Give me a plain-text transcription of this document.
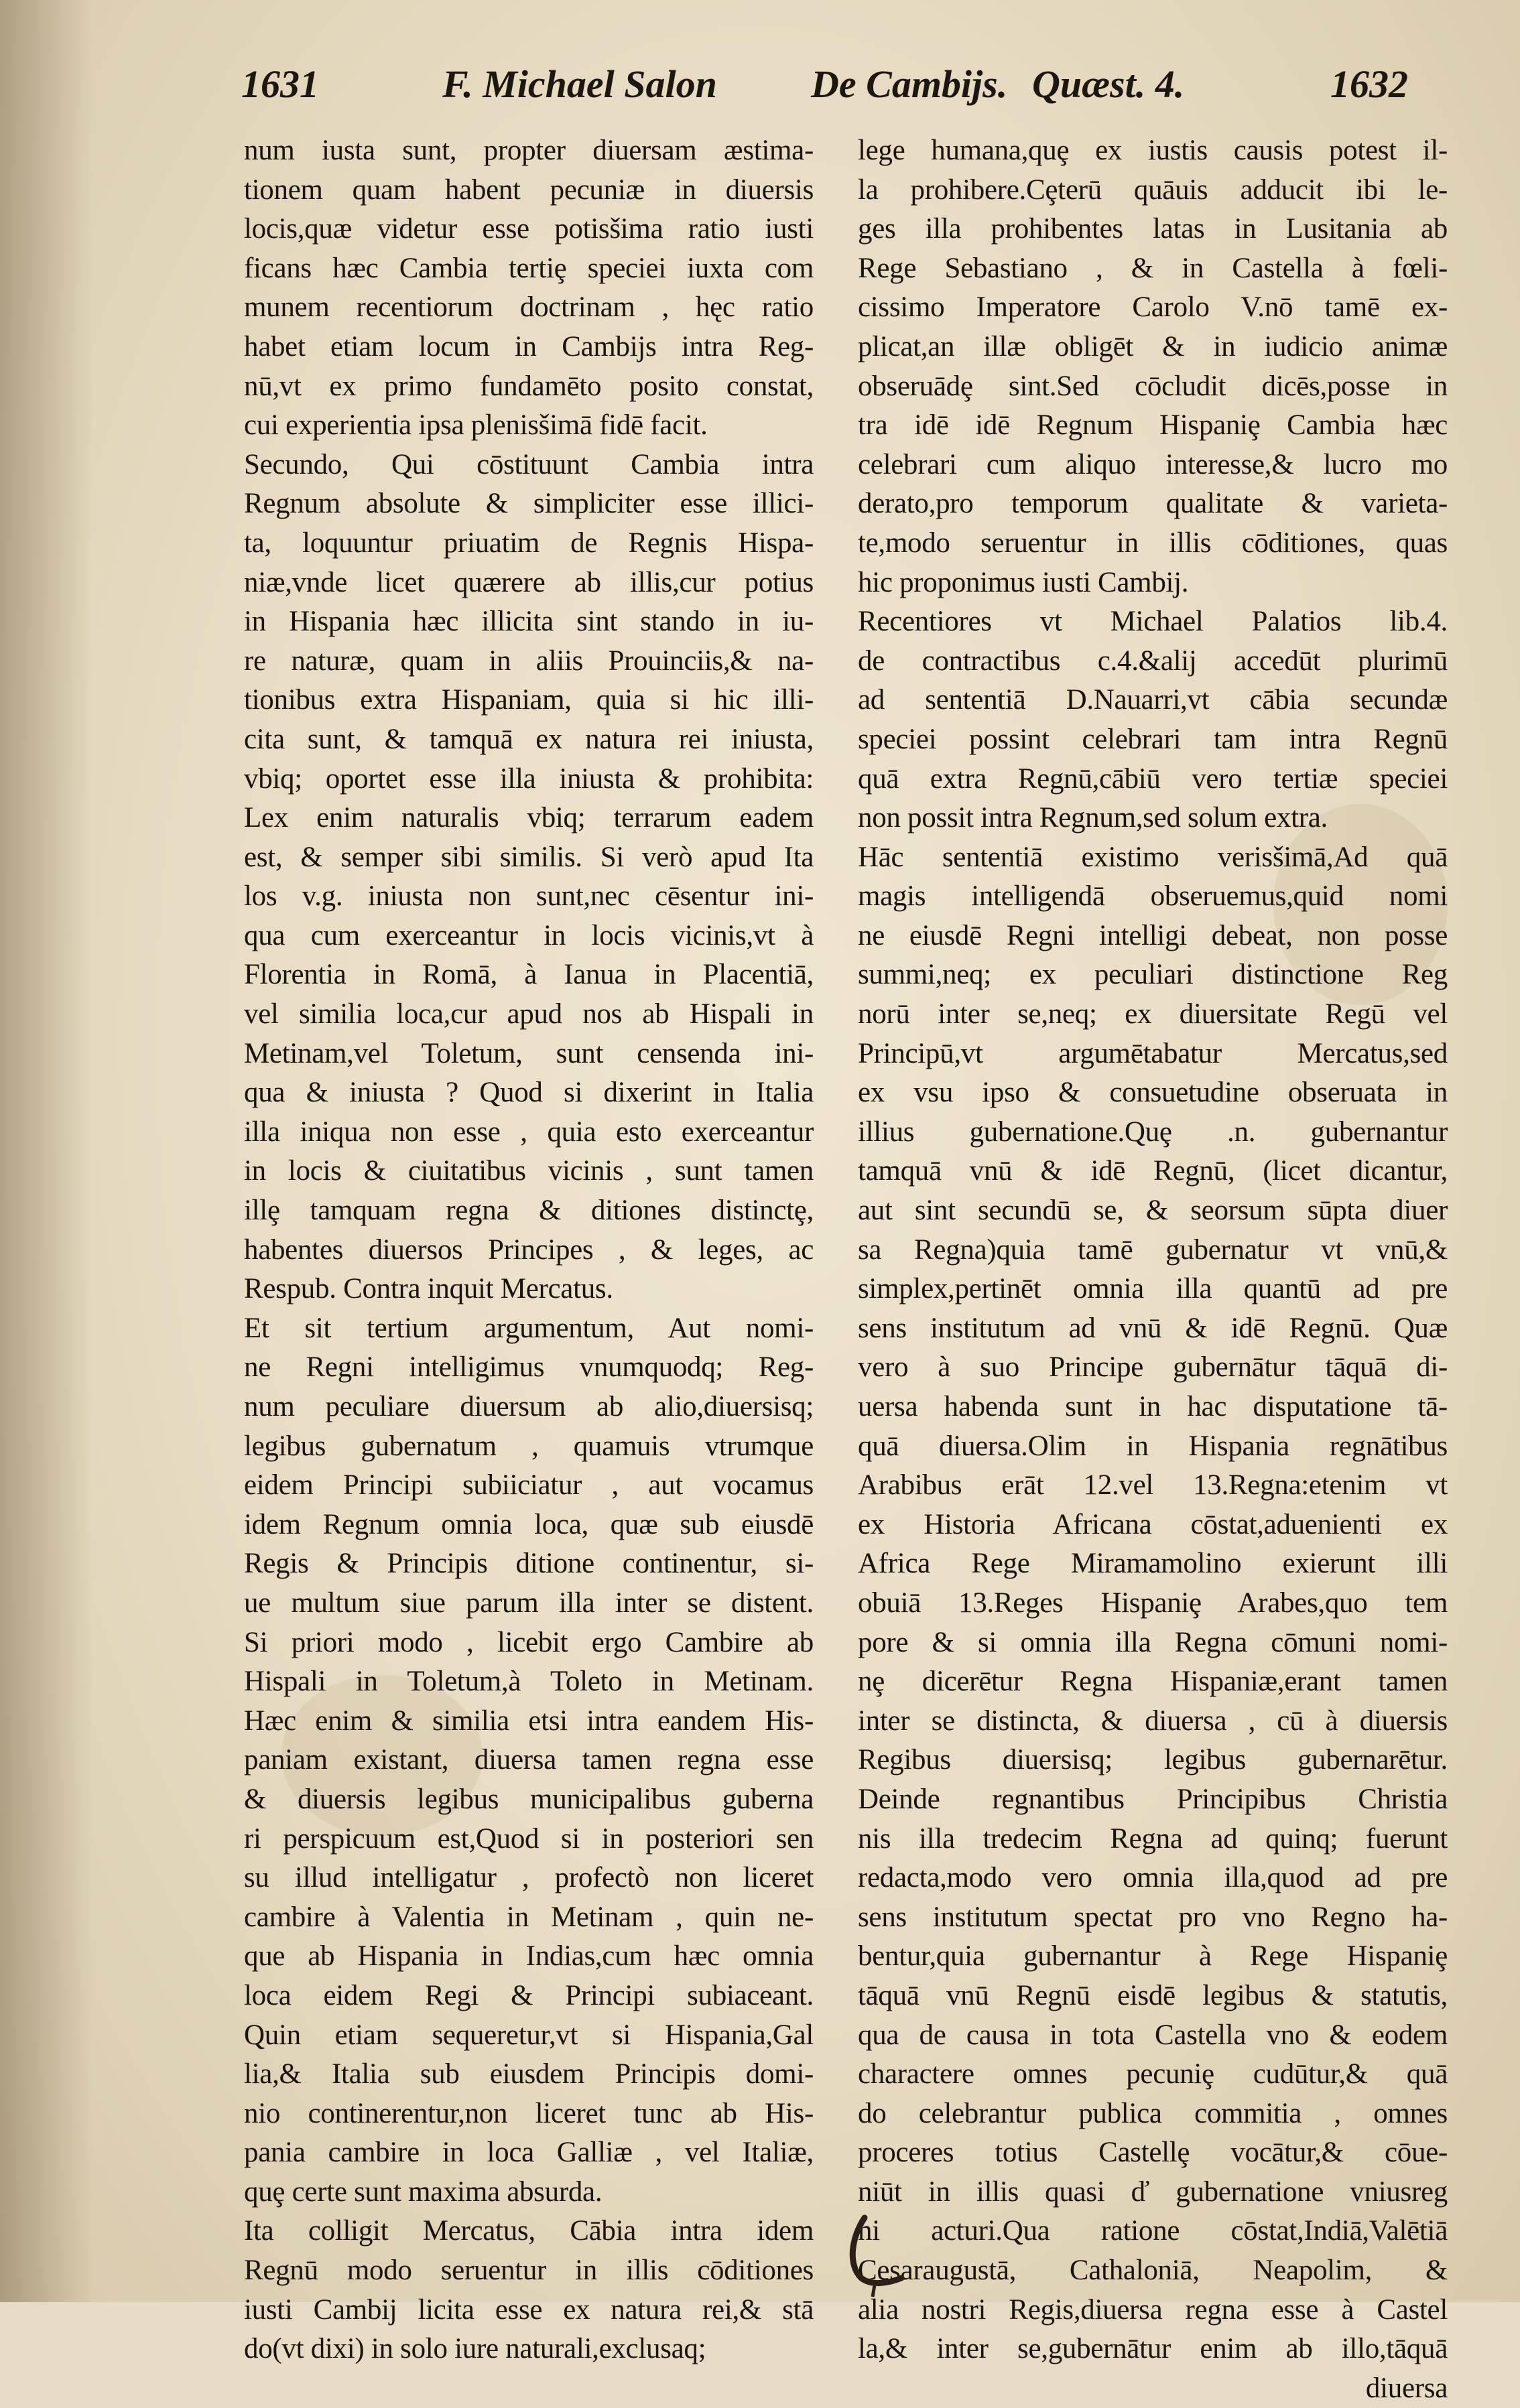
1631	F. Michael Salon De Cambijs. Quæst. 4.	1632
num iusta sunt, propter diuersam æstima-
tionem quam habent pecuniæ in diuersis
locis,quæ videtur esse potisšima ratio iusti
ficans hæc Cambia tertiȩ speciei iuxta com
munem recentiorum doctrinam , hęc ratio
habet etiam locum in Cambijs intra Reg-
nū,vt ex primo fundamēto posito constat,
cui experientia ipsa plenisšimā fidē facit.
Secundo, Qui cōstituunt Cambia intra
Regnum absolute & simpliciter esse illici-
ta, loquuntur priuatim de Regnis Hispa-
niæ,vnde licet quærere ab illis,cur potius
in Hispania hæc illicita sint stando in iu-
re naturæ, quam in aliis Prouinciis,& na-
tionibus extra Hispaniam, quia si hic illi-
cita sunt, & tamquā ex natura rei iniusta,
vbiq; oportet esse illa iniusta & prohibita:
Lex enim naturalis vbiq; terrarum eadem
est, & semper sibi similis. Si verò apud Ita
los v.g. iniusta non sunt,nec cēsentur ini-
qua cum exerceantur in locis vicinis,vt à
Florentia in Romā, à Ianua in Placentiā,
vel similia loca,cur apud nos ab Hispali in
Metinam,vel Toletum, sunt censenda ini-
qua & iniusta ? Quod si dixerint in Italia
illa iniqua non esse , quia esto exerceantur
in locis & ciuitatibus vicinis , sunt tamen
illȩ tamquam regna & ditiones distinctȩ,
habentes diuersos Principes , & leges, ac
Respub. Contra inquit Mercatus.
Et sit tertium argumentum, Aut nomi-
ne Regni intelligimus vnumquodq; Reg-
num peculiare diuersum ab alio,diuersisq;
legibus gubernatum , quamuis vtrumque
eidem Principi subiiciatur , aut vocamus
idem Regnum omnia loca, quæ sub eiusdē
Regis & Principis ditione continentur, si-
ue multum siue parum illa inter se distent.
Si priori modo , licebit ergo Cambire ab
Hispali in Toletum,à Toleto in Metinam.
Hæc enim & similia etsi intra eandem His-
paniam existant, diuersa tamen regna esse
& diuersis legibus municipalibus guberna
ri perspicuum est,Quod si in posteriori sen
su illud intelligatur , profectò non liceret
cambire à Valentia in Metinam , quin ne-
que ab Hispania in Indias,cum hæc omnia
loca eidem Regi & Principi subiaceant.
Quin etiam sequeretur,vt si Hispania,Gal
lia,& Italia sub eiusdem Principis domi-
nio continerentur,non liceret tunc ab His-
pania cambire in loca Galliæ , vel Italiæ,
quȩ certe sunt maxima absurda.
Ita colligit Mercatus, Cābia intra idem
Regnū modo seruentur in illis cōditiones
iusti Cambij licita esse ex natura rei,& stā
do(vt dixi) in solo iure naturali,exclusaq;
lege humana,quȩ ex iustis causis potest il-
la prohibere.Cȩterū quāuis adducit ibi le-
ges illa prohibentes latas in Lusitania ab
Rege Sebastiano , & in Castella à fœli-
cissimo Imperatore Carolo V.nō tamē ex-
plicat,an illæ obligēt & in iudicio animæ
obseruādȩ sint.Sed cōcludit dicēs,posse in
tra idē idē Regnum Hispaniȩ Cambia hæc
celebrari cum aliquo interesse,& lucro mo
derato,pro temporum qualitate & varieta-
te,modo seruentur in illis cōditiones, quas
hic proponimus iusti Cambij.
Recentiores vt Michael Palatios lib.4.
de contractibus c.4.&alij accedūt plurimū
ad sententiā D.Nauarri,vt cābia secundæ
speciei possint celebrari tam intra Regnū
quā extra Regnū,cābiū vero tertiæ speciei
non possit intra Regnum,sed solum extra.
Hāc sententiā existimo verisšimā,Ad quā
magis intelligendā obseruemus,quid nomi
ne eiusdē Regni intelligi debeat, non posse
summi,neq; ex peculiari distinctione Reg
norū inter se,neq; ex diuersitate Regū vel
Principū,vt argumētabatur Mercatus,sed
ex vsu ipso & consuetudine obseruata in
illius gubernatione.Quȩ .n. gubernantur
tamquā vnū & idē Regnū, (licet dicantur,
aut sint secundū se, & seorsum sūpta diuer
sa Regna)quia tamē gubernatur vt vnū,&
simplex,pertinēt omnia illa quantū ad pre
sens institutum ad vnū & idē Regnū. Quæ
vero à suo Principe gubernātur tāquā di-
uersa habenda sunt in hac disputatione tā-
quā diuersa.Olim in Hispania regnātibus
Arabibus erāt 12.vel 13.Regna:etenim vt
ex Historia Africana cōstat,aduenienti ex
Africa Rege Miramamolino exierunt illi
obuiā 13.Reges Hispaniȩ Arabes,quo tem
pore & si omnia illa Regna cōmuni nomi-
nȩ dicerētur Regna Hispaniæ,erant tamen
inter se distincta, & diuersa , cū à diuersis
Regibus diuersisq; legibus gubernarētur.
Deinde regnantibus Principibus Christia
nis illa tredecim Regna ad quinq; fuerunt
redacta,modo vero omnia illa,quod ad pre
sens institutum spectat pro vno Regno ha-
bentur,quia gubernantur à Rege Hispaniȩ
tāquā vnū Regnū eisdē legibus & statutis,
qua de causa in tota Castella vno & eodem
charactere omnes pecuniȩ cudūtur,& quā
do celebrantur publica commitia , omnes
proceres totius Castellȩ vocātur,& cōue-
niūt in illis quasi ď gubernatione vniusreg
ni acturi.Qua ratione cōstat,Indiā,Valētiā
Cȩsaraugustā, Cathaloniā, Neapolim, &
alia nostri Regis,diuersa regna esse à Castel
la,& inter se,gubernātur enim ab illo,tāquā
diuersa
